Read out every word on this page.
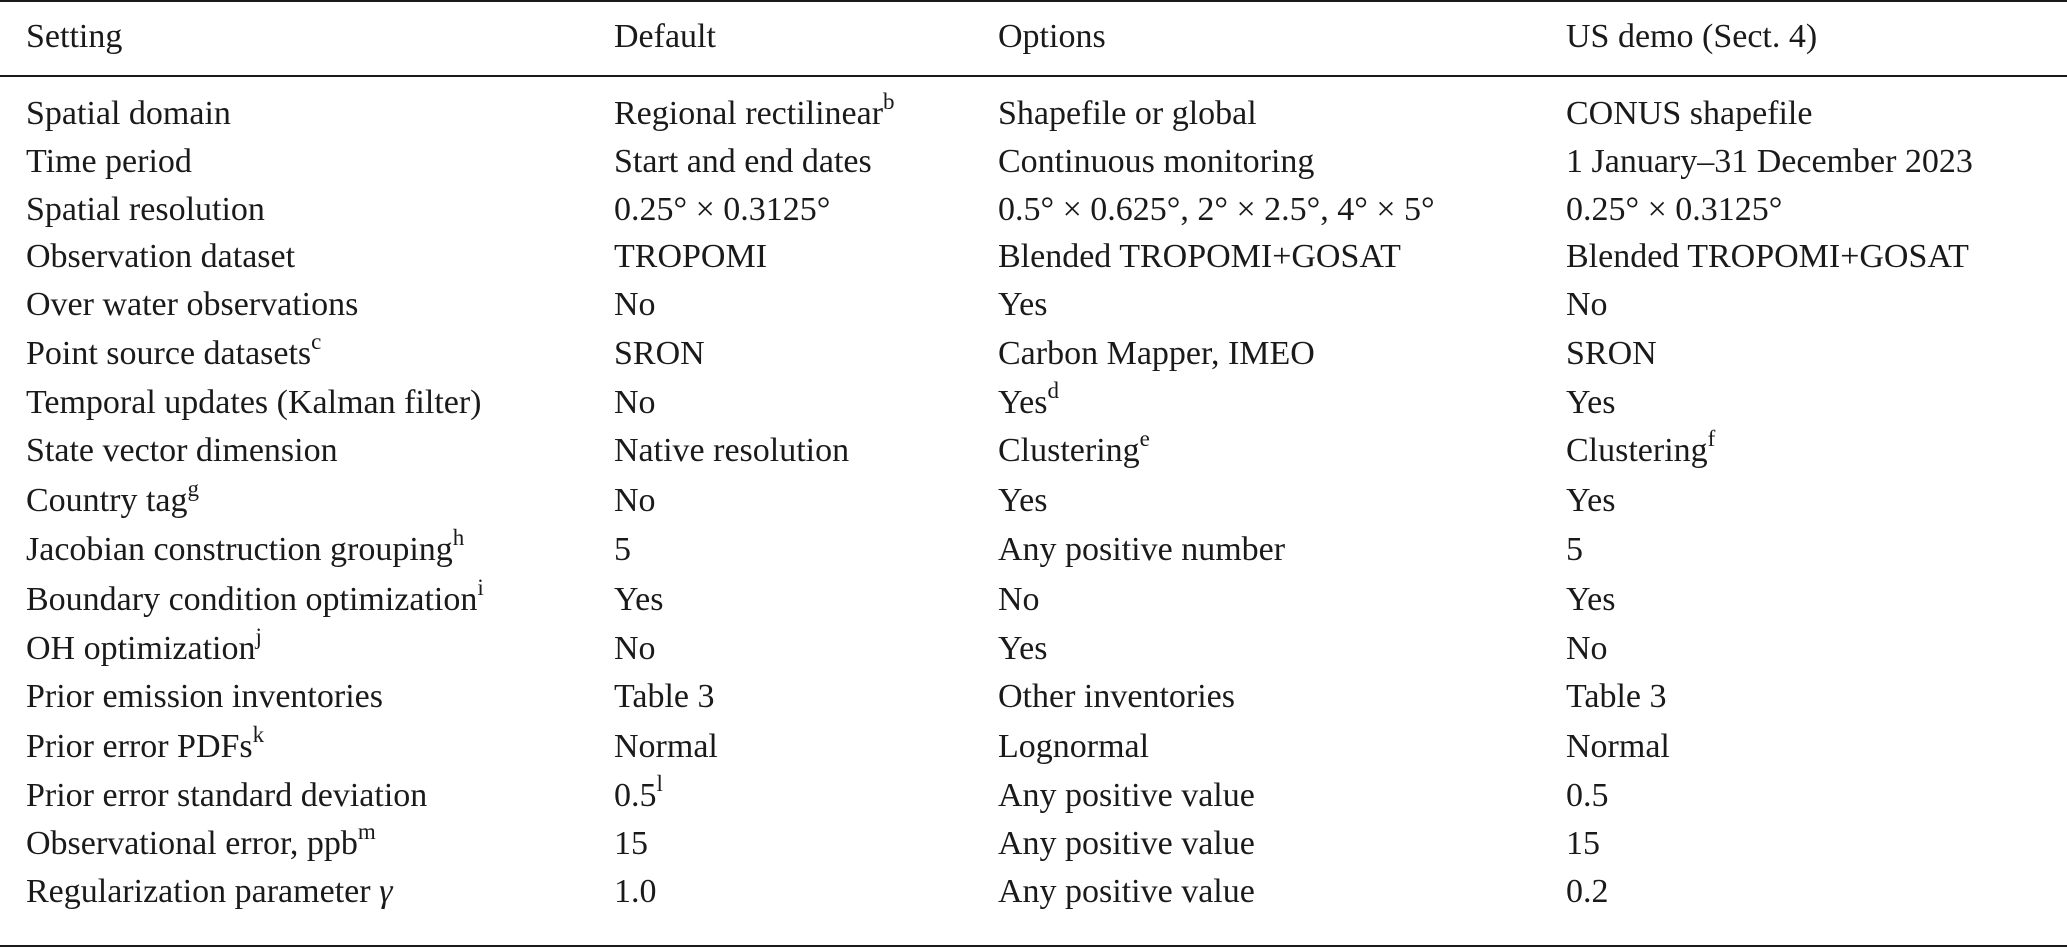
Setting	Default	Options	US demo (Sect. 4)
Spatial domain	Regional rectilinear$^b$	Shapefile or global	CONUS shapefile
Time period	Start and end dates	Continuous monitoring	1 January–31 December 2023
Spatial resolution	0.25° × 0.3125°	0.5° × 0.625°, 2° × 2.5°, 4° × 5°	0.25° × 0.3125°
Observation dataset	TROPOMI	Blended TROPOMI+GOSAT	Blended TROPOMI+GOSAT
Over water observations	No	Yes	No
Point source datasets$^c$	SRON	Carbon Mapper, IMEO	SRON
Temporal updates (Kalman filter)	No	Yes$^d$	Yes
State vector dimension	Native resolution	Clustering$^e$	Clustering$^f$
Country tag$^g$	No	Yes	Yes
Jacobian construction grouping$^h$	5	Any positive number	5
Boundary condition optimization$^i$	Yes	No	Yes
OH optimization$^j$	No	Yes	No
Prior emission inventories	Table 3	Other inventories	Table 3
Prior error PDFs$^k$	Normal	Lognormal	Normal
Prior error standard deviation	0.5$^l$	Any positive value	0.5
Observational error, ppb$^m$	15	Any positive value	15
Regularization parameter γ	1.0	Any positive value	0.2
